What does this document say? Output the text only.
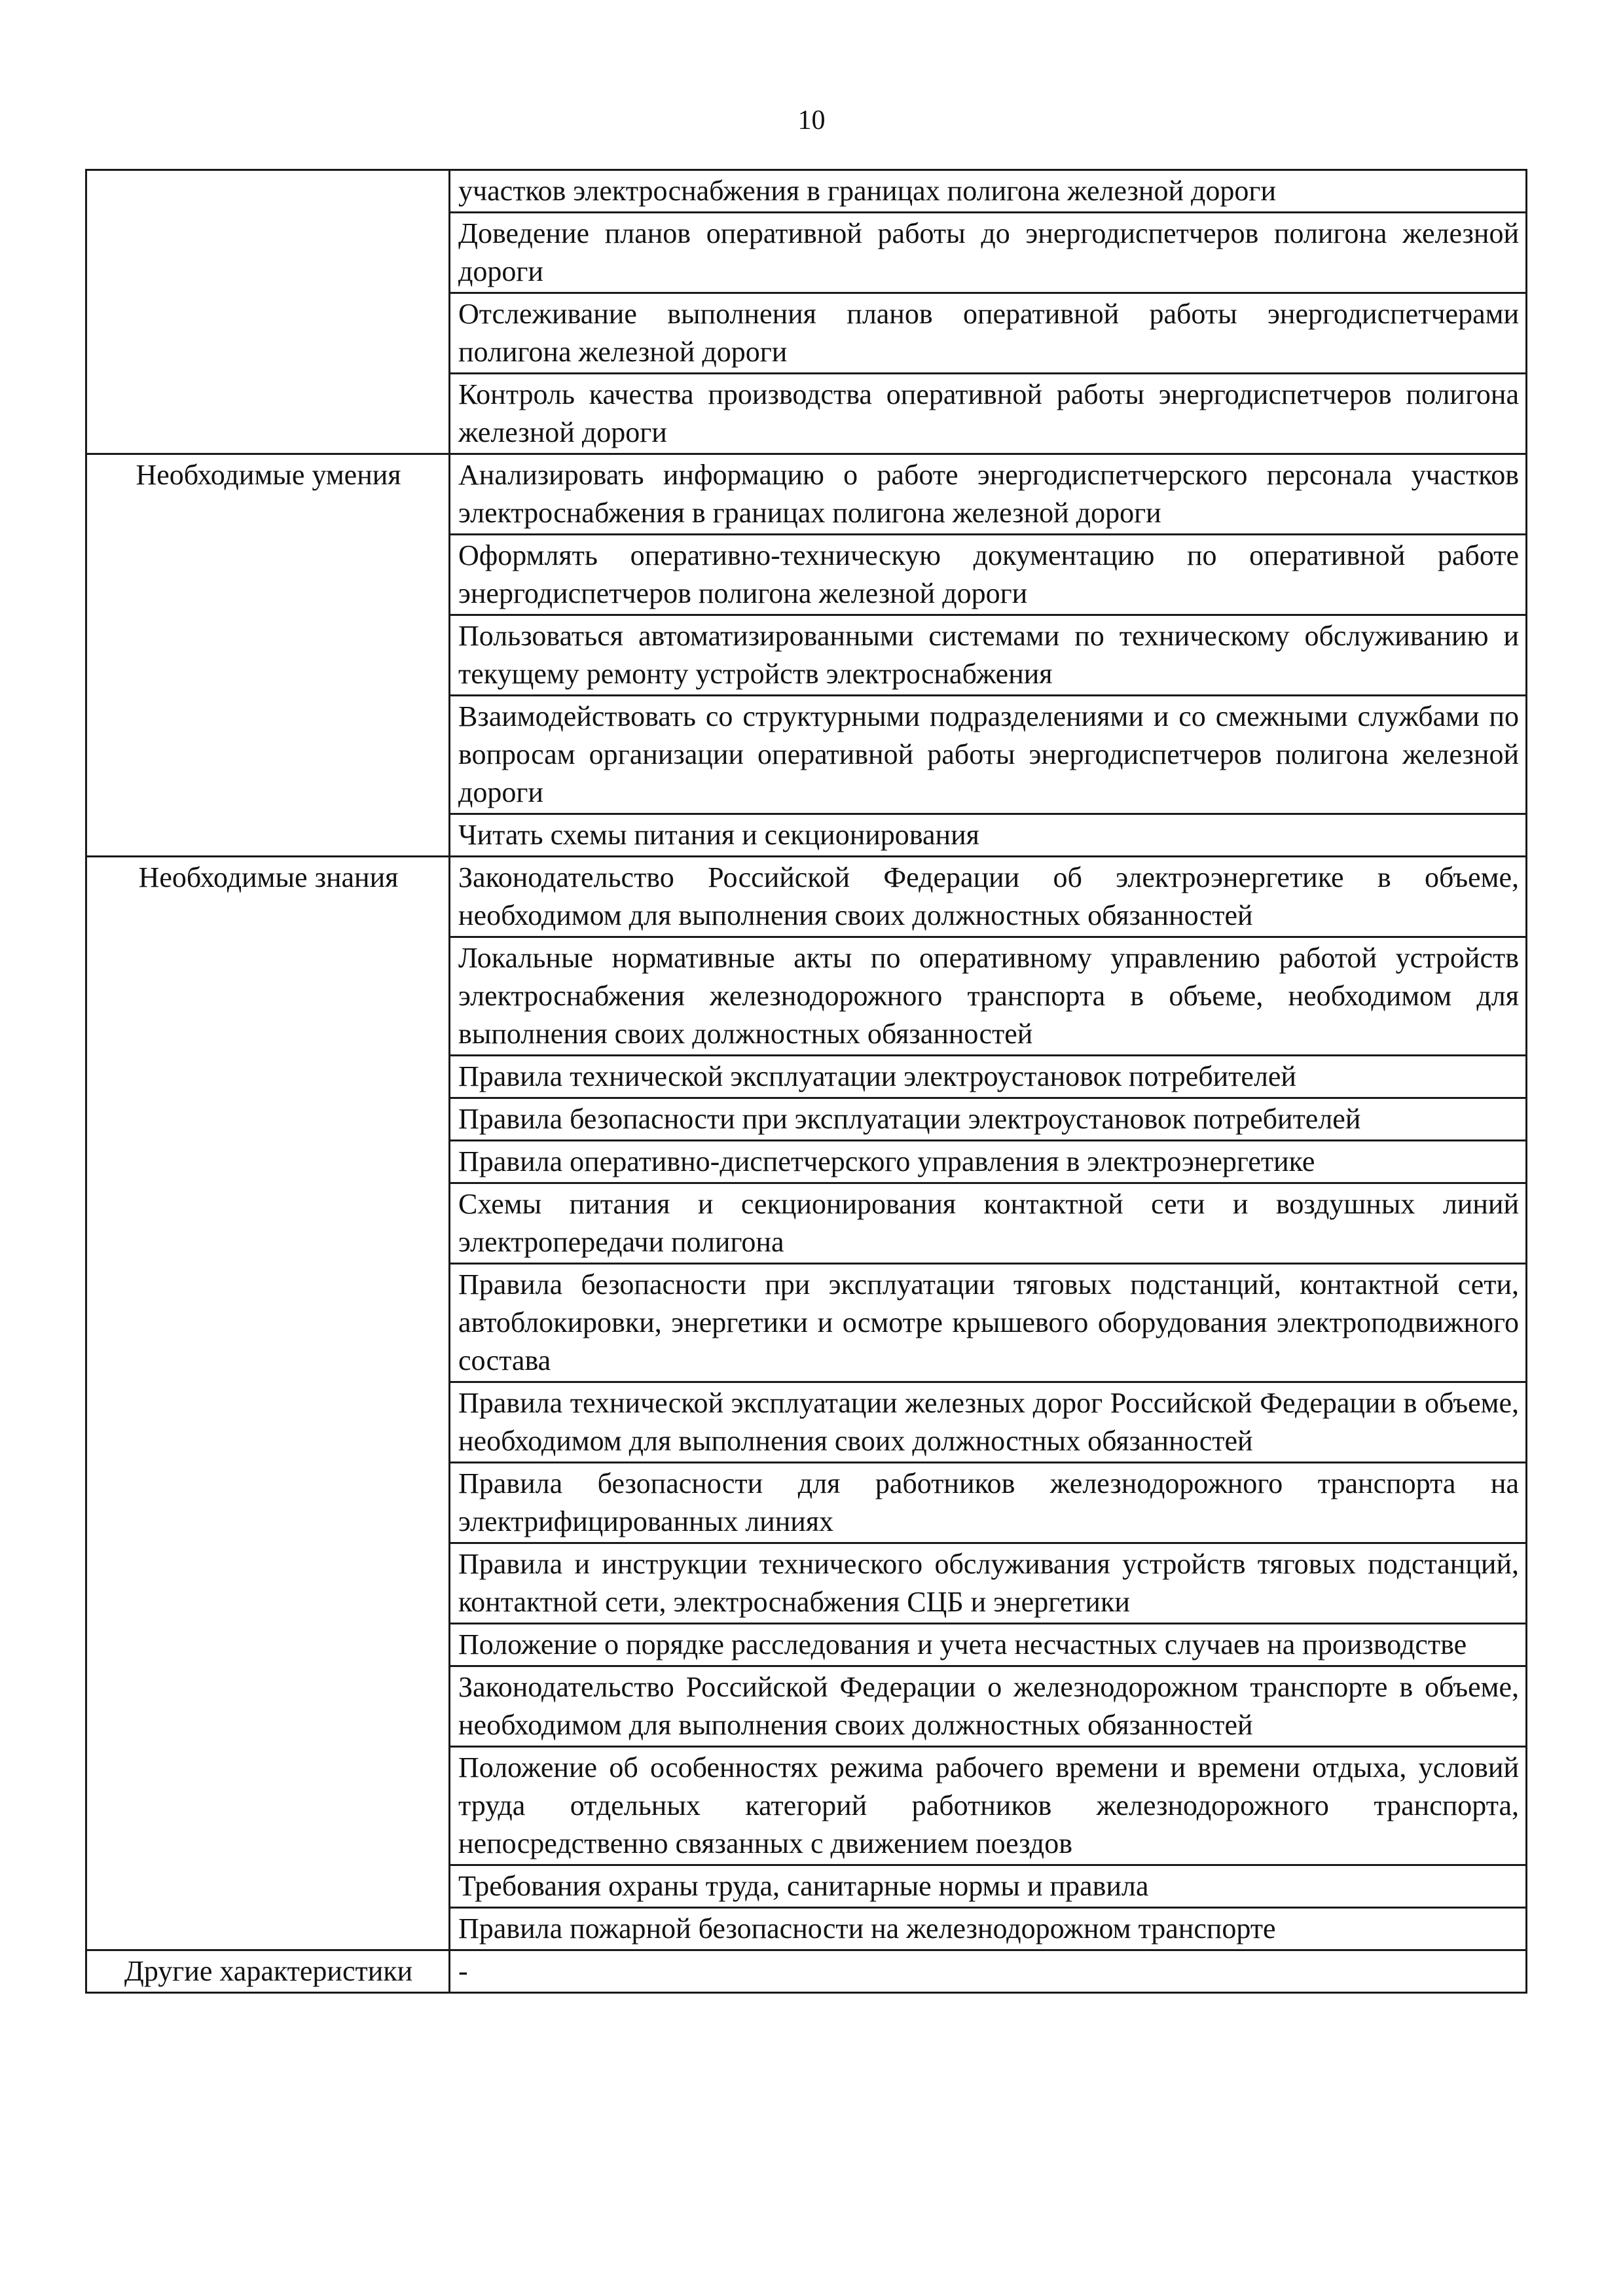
10
	участков электроснабжения в границах полигона железной дороги
	Доведение планов оперативной работы до энергодиспетчеров полигона железной дороги
	Отслеживание выполнения планов оперативной работы энергодиспетчерами полигона железной дороги
	Контроль качества производства оперативной работы энергодиспетчеров полигона железной дороги
Необходимые умения	Анализировать информацию о работе энергодиспетчерского персонала участков электроснабжения в границах полигона железной дороги
	Оформлять оперативно-техническую документацию по оперативной работе энергодиспетчеров полигона железной дороги
	Пользоваться автоматизированными системами по техническому обслуживанию и текущему ремонту устройств электроснабжения
	Взаимодействовать со структурными подразделениями и со смежными службами по вопросам организации оперативной работы энергодиспетчеров полигона железной дороги
	Читать схемы питания и секционирования
Необходимые знания	Законодательство Российской Федерации об электроэнергетике в объеме, необходимом для выполнения своих должностных обязанностей
	Локальные нормативные акты по оперативному управлению работой устройств электроснабжения железнодорожного транспорта в объеме, необходимом для выполнения своих должностных обязанностей
	Правила технической эксплуатации электроустановок потребителей
	Правила безопасности при эксплуатации электроустановок потребителей
	Правила оперативно-диспетчерского управления в электроэнергетике
	Схемы питания и секционирования контактной сети и воздушных линий электропередачи полигона
	Правила безопасности при эксплуатации тяговых подстанций, контактной сети, автоблокировки, энергетики и осмотре крышевого оборудования электроподвижного состава
	Правила технической эксплуатации железных дорог Российской Федерации в объеме, необходимом для выполнения своих должностных обязанностей
	Правила безопасности для работников железнодорожного транспорта на электрифицированных линиях
	Правила и инструкции технического обслуживания устройств тяговых подстанций, контактной сети, электроснабжения СЦБ и энергетики
	Положение о порядке расследования и учета несчастных случаев на производстве
	Законодательство Российской Федерации о железнодорожном транспорте в объеме, необходимом для выполнения своих должностных обязанностей
	Положение об особенностях режима рабочего времени и времени отдыха, условий труда отдельных категорий работников железнодорожного транспорта, непосредственно связанных с движением поездов
	Требования охраны труда, санитарные нормы и правила
	Правила пожарной безопасности на железнодорожном транспорте
Другие характеристики	-
